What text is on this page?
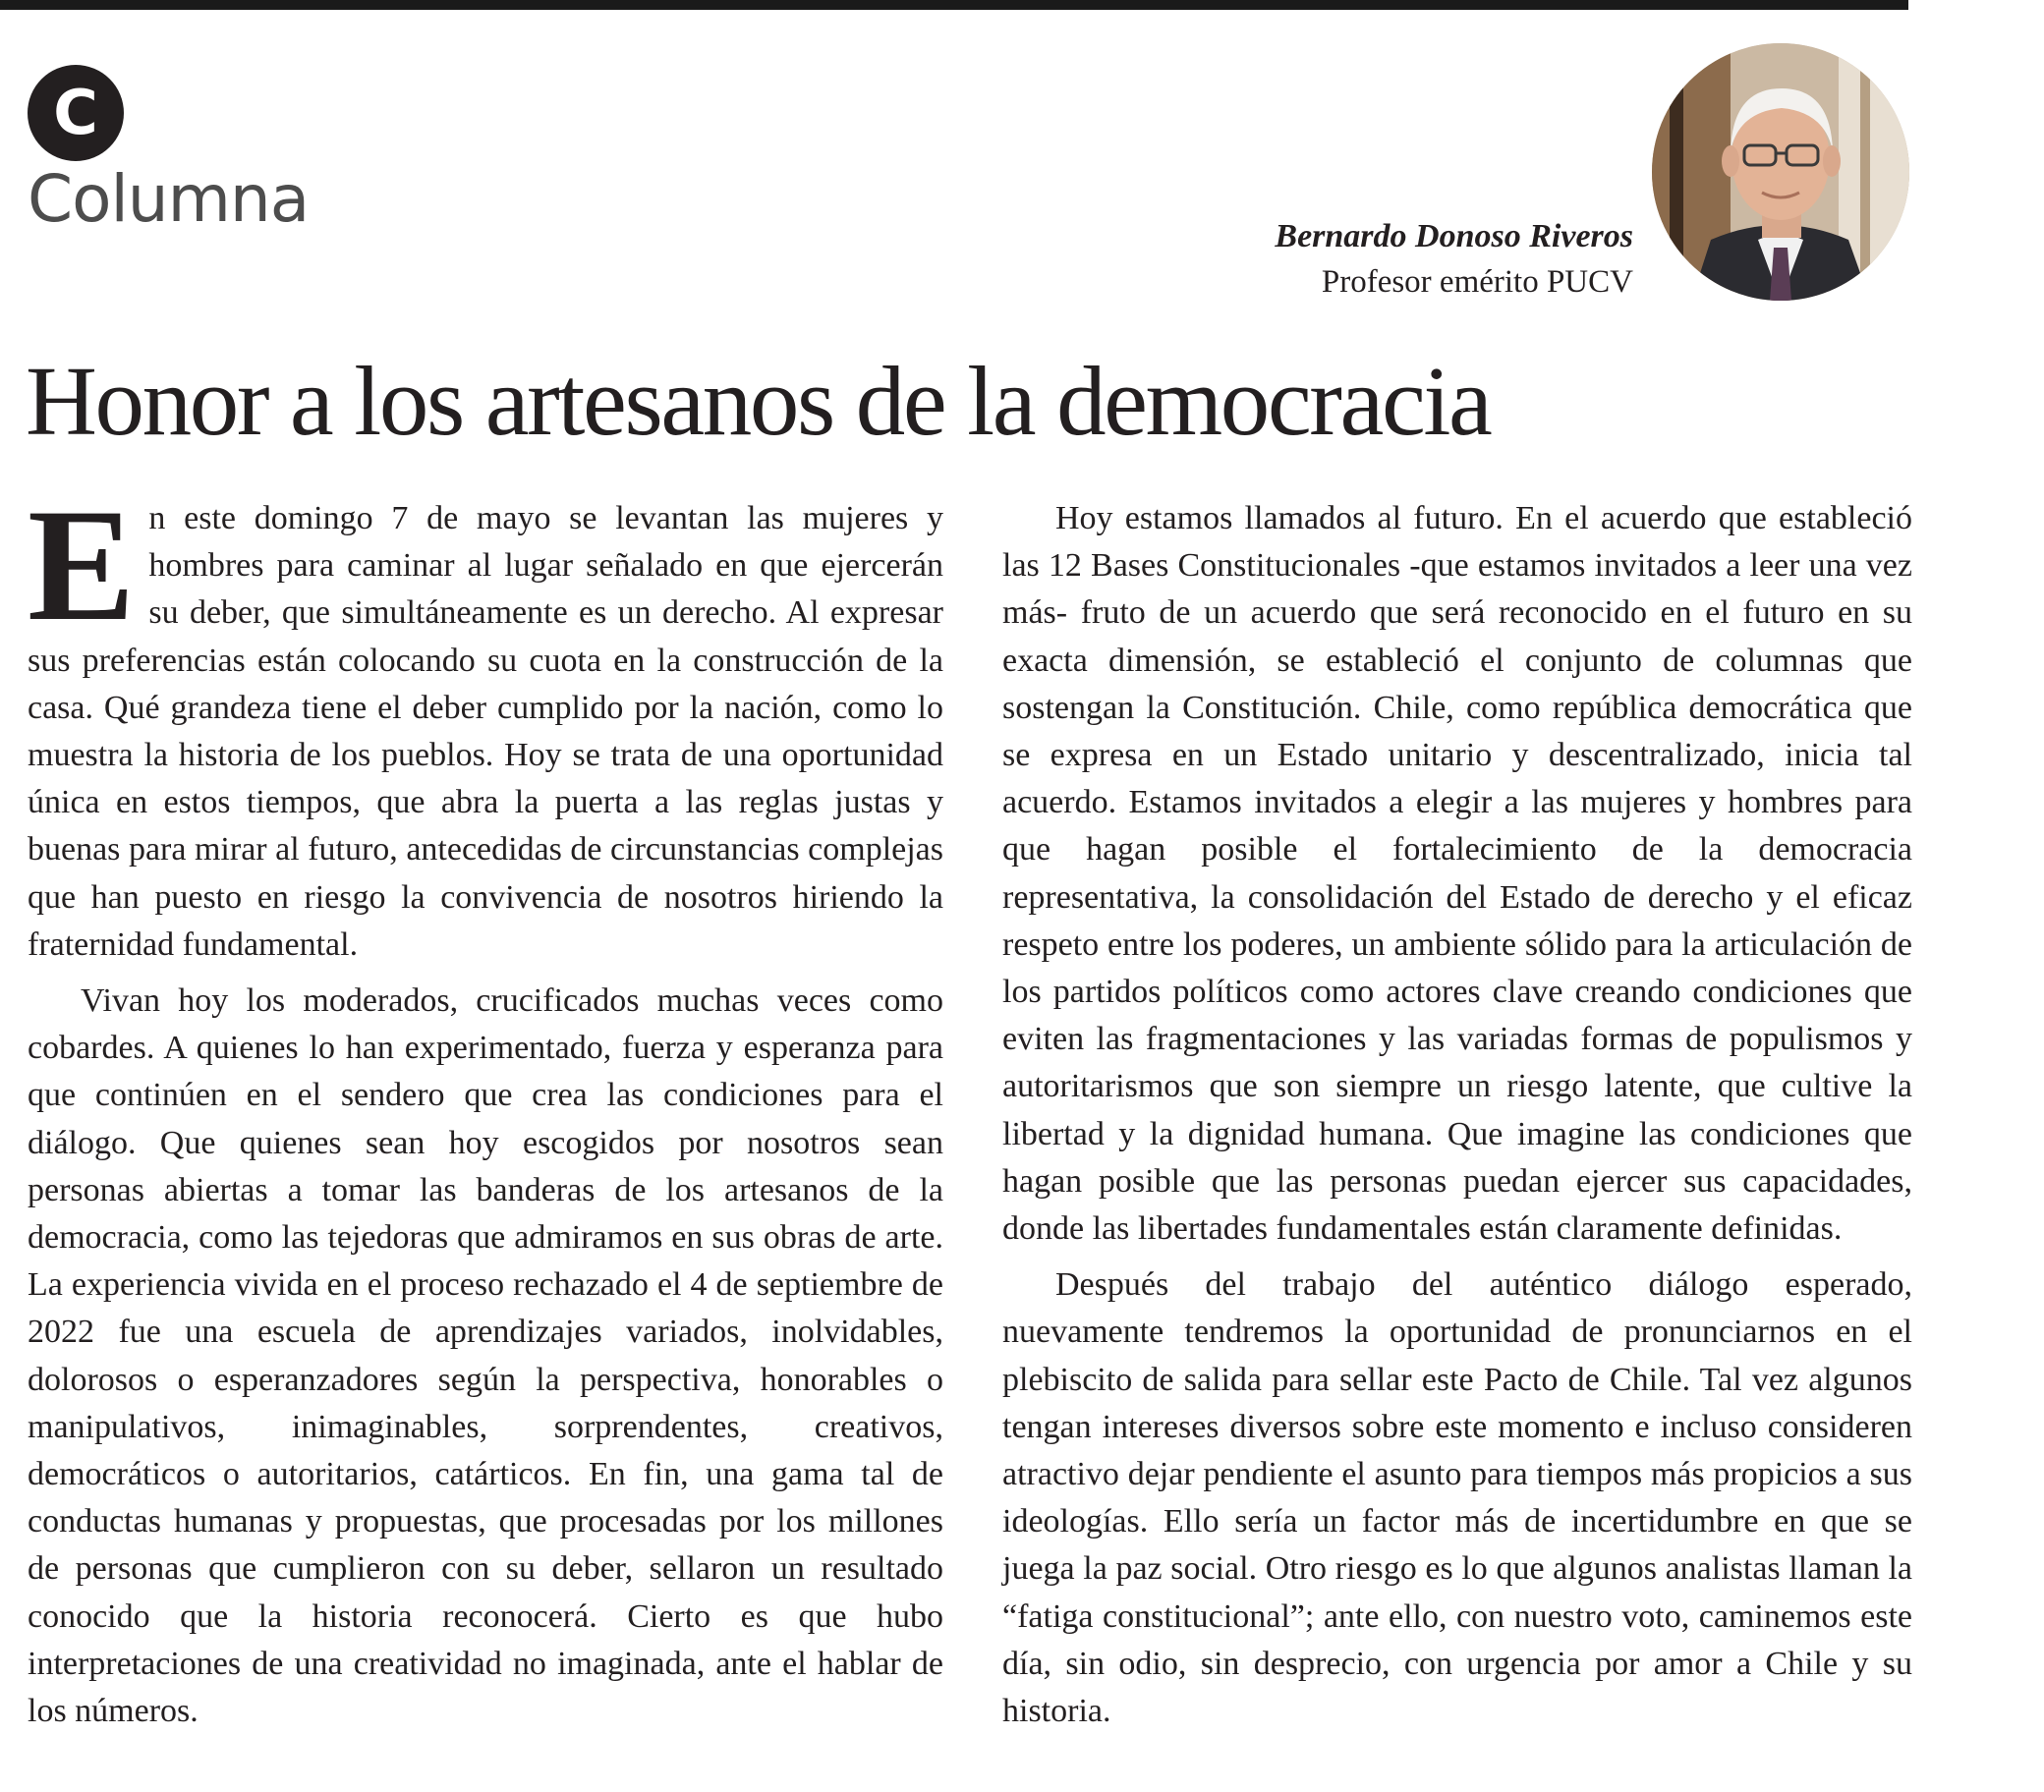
C
Columna	Bernardo Donoso Riveros
Profesor emérito PUCV
Honor a los artesanos de la democracia

E n este domingo 7 de mayo se levantan las mujeres y hombres para caminar al lugar señalado en que ejercerán su deber, que simultáneamente es un derecho. Al expresar sus preferencias están colocando su cuota en la construcción de la casa. Qué grandeza tiene el deber cumplido por la nación, como lo muestra la historia de los pueblos. Hoy se trata de una oportunidad única en estos tiempos, que abra la puerta a las reglas justas y buenas para mirar al futuro, antecedidas de circunstancias complejas que han puesto en riesgo la convivencia de nosotros hiriendo la fraternidad fundamental.

Vivan hoy los moderados, crucificados muchas veces como cobardes. A quienes lo han experimentado, fuerza y esperanza para que continúen en el sendero que crea las condiciones para el diálogo. Que quienes sean hoy escogidos por nosotros sean personas abiertas a tomar las banderas de los artesanos de la democracia, como las tejedoras que admiramos en sus obras de arte. La experiencia vivida en el proceso rechazado el 4 de septiembre de 2022 fue una escuela de aprendizajes variados, inolvidables, dolorosos o esperanzadores según la perspectiva, honorables o manipulativos, inimaginables, sorprendentes, creativos, democráticos o autoritarios, catárticos. En fin, una gama tal de conductas humanas y propuestas, que procesadas por los millones de personas que cumplieron con su deber, sellaron un resultado conocido que la historia reconocerá. Cierto es que hubo interpretaciones de una creatividad no imaginada, ante el hablar de los números.

Hoy estamos llamados al futuro. En el acuerdo que estableció las 12 Bases Constitucionales -que estamos invitados a leer una vez más- fruto de un acuerdo que será reconocido en el futuro en su exacta dimensión, se estableció el conjunto de columnas que sostengan la Constitución. Chile, como república democrática que se expresa en un Estado unitario y descentralizado, inicia tal acuerdo. Estamos invitados a elegir a las mujeres y hombres para que hagan posible el fortalecimiento de la democracia representativa, la consolidación del Estado de derecho y el eficaz respeto entre los poderes, un ambiente sólido para la articulación de los partidos políticos como actores clave creando condiciones que eviten las fragmentaciones y las variadas formas de populismos y autoritarismos que son siempre un riesgo latente, que cultive la libertad y la dignidad humana. Que imagine las condiciones que hagan posible que las personas puedan ejercer sus capacidades, donde las libertades fundamentales están claramente definidas.

Después del trabajo del auténtico diálogo esperado, nuevamente tendremos la oportunidad de pronunciarnos en el plebiscito de salida para sellar este Pacto de Chile. Tal vez algunos tengan intereses diversos sobre este momento e incluso consideren atractivo dejar pendiente el asunto para tiempos más propicios a sus ideologías. Ello sería un factor más de incertidumbre en que se juega la paz social. Otro riesgo es lo que algunos analistas llaman la “fatiga constitucional”; ante ello, con nuestro voto, caminemos este día, sin odio, sin desprecio, con urgencia por amor a Chile y su historia.
